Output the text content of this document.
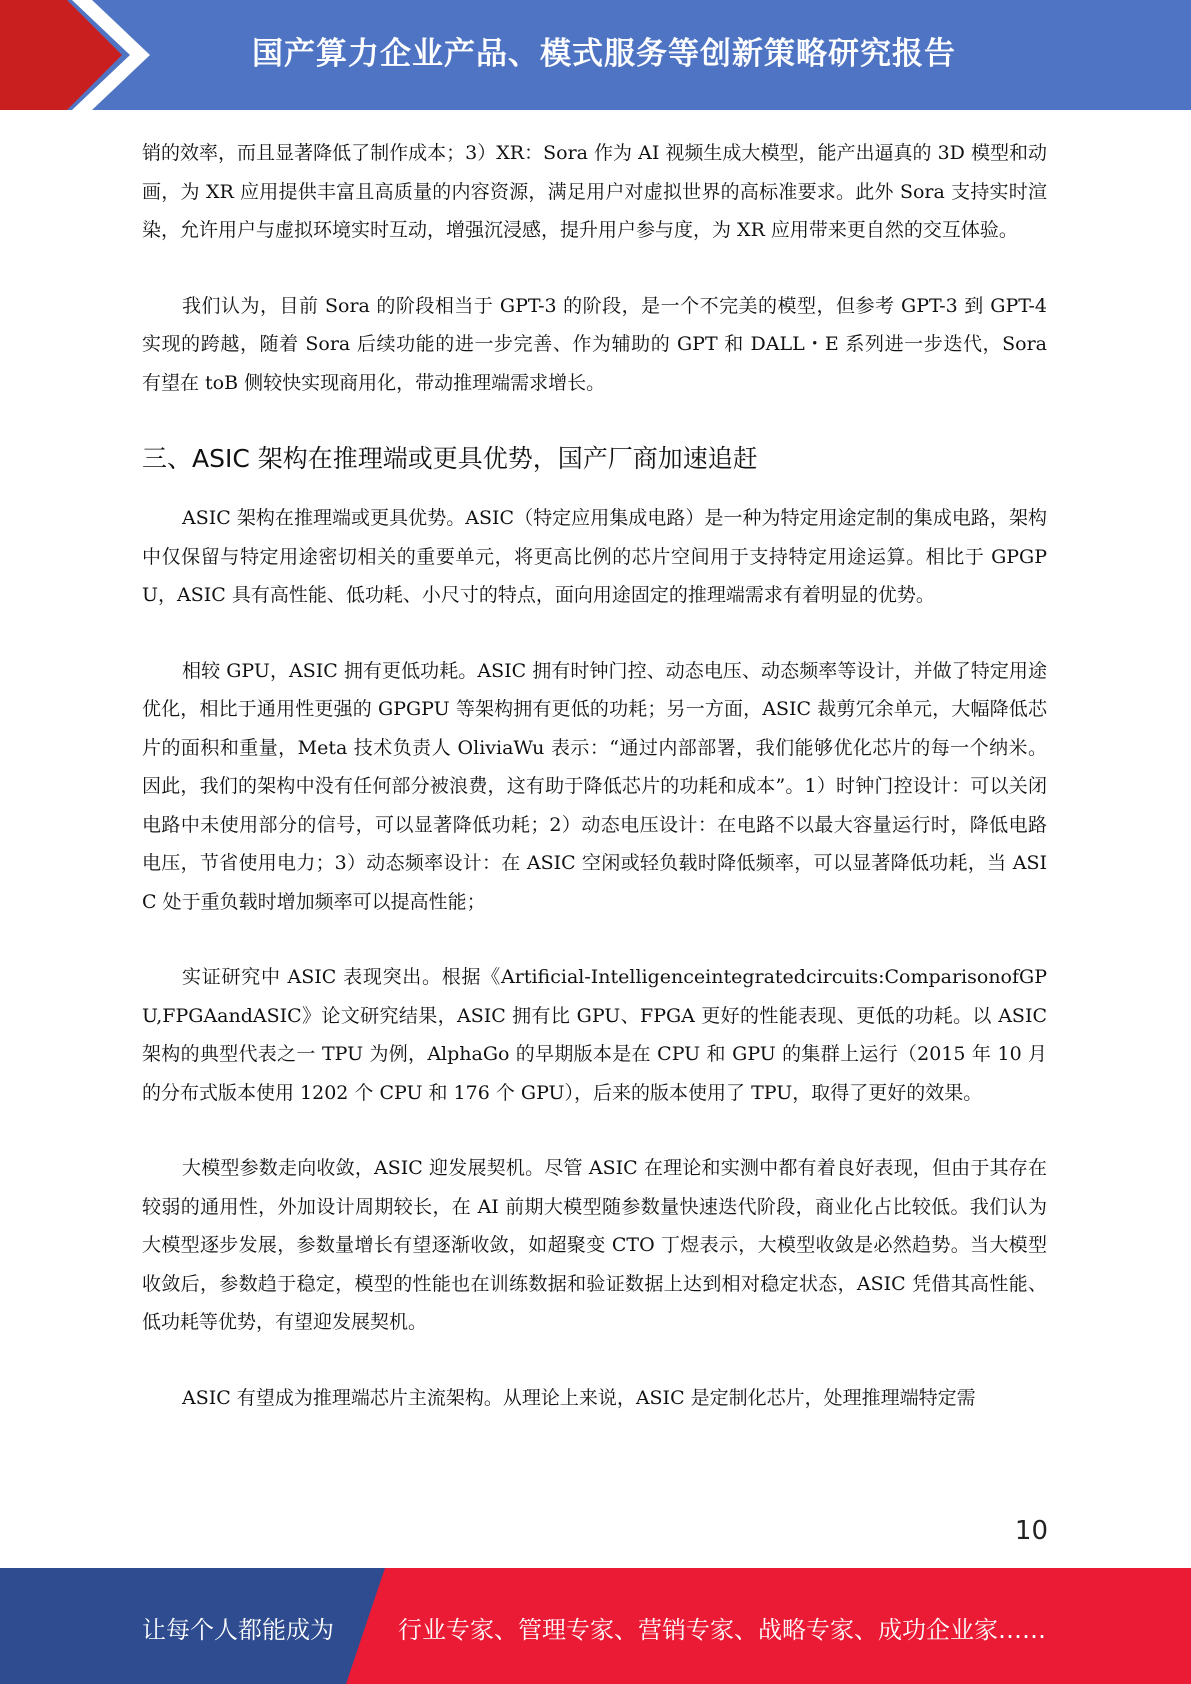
国产算力企业产品、模式服务等创新策略研究报告

销的效率，而且显著降低了制作成本；3）XR：Sora 作为 AI 视频生成大模型，能产出逼真的 3D 模型和动画，为 XR 应用提供丰富且高质量的内容资源，满足用户对虚拟世界的高标准要求。此外 Sora 支持实时渲染，允许用户与虚拟环境实时互动，增强沉浸感，提升用户参与度，为 XR 应用带来更自然的交互体验。

我们认为，目前 Sora 的阶段相当于 GPT-3 的阶段，是一个不完美的模型，但参考 GPT-3 到 GPT-4 实现的跨越，随着 Sora 后续功能的进一步完善、作为辅助的 GPT 和 DALL・E 系列进一步迭代，Sora 有望在 toB 侧较快实现商用化，带动推理端需求增长。

三、ASIC 架构在推理端或更具优势，国产厂商加速追赶

ASIC 架构在推理端或更具优势。ASIC（特定应用集成电路）是一种为特定用途定制的集成电路，架构中仅保留与特定用途密切相关的重要单元，将更高比例的芯片空间用于支持特定用途运算。相比于 GPGPU，ASIC 具有高性能、低功耗、小尺寸的特点，面向用途固定的推理端需求有着明显的优势。

相较 GPU，ASIC 拥有更低功耗。ASIC 拥有时钟门控、动态电压、动态频率等设计，并做了特定用途优化，相比于通用性更强的 GPGPU 等架构拥有更低的功耗；另一方面，ASIC 裁剪冗余单元，大幅降低芯片的面积和重量，Meta 技术负责人 OliviaWu 表示：“通过内部部署，我们能够优化芯片的每一个纳米。因此，我们的架构中没有任何部分被浪费，这有助于降低芯片的功耗和成本”。1）时钟门控设计：可以关闭电路中未使用部分的信号，可以显著降低功耗；2）动态电压设计：在电路不以最大容量运行时，降低电路电压，节省使用电力；3）动态频率设计：在 ASIC 空闲或轻负载时降低频率，可以显著降低功耗，当 ASIC 处于重负载时增加频率可以提高性能；

实证研究中 ASIC 表现突出。根据《Artificial-Intelligenceintegratedcircuits:ComparisonofGPU,FPGAandASIC》论文研究结果，ASIC 拥有比 GPU、FPGA 更好的性能表现、更低的功耗。以 ASIC 架构的典型代表之一 TPU 为例，AlphaGo 的早期版本是在 CPU 和 GPU 的集群上运行（2015 年 10 月的分布式版本使用 1202 个 CPU 和 176 个 GPU），后来的版本使用了 TPU，取得了更好的效果。

大模型参数走向收敛，ASIC 迎发展契机。尽管 ASIC 在理论和实测中都有着良好表现，但由于其存在较弱的通用性，外加设计周期较长，在 AI 前期大模型随参数量快速迭代阶段，商业化占比较低。我们认为大模型逐步发展，参数量增长有望逐渐收敛，如超聚变 CTO 丁煜表示，大模型收敛是必然趋势。当大模型收敛后，参数趋于稳定，模型的性能也在训练数据和验证数据上达到相对稳定状态，ASIC 凭借其高性能、低功耗等优势，有望迎发展契机。

ASIC 有望成为推理端芯片主流架构。从理论上来说，ASIC 是定制化芯片，处理推理端特定需

10
让每个人都能成为	行业专家、管理专家、营销专家、战略专家、成功企业家……
